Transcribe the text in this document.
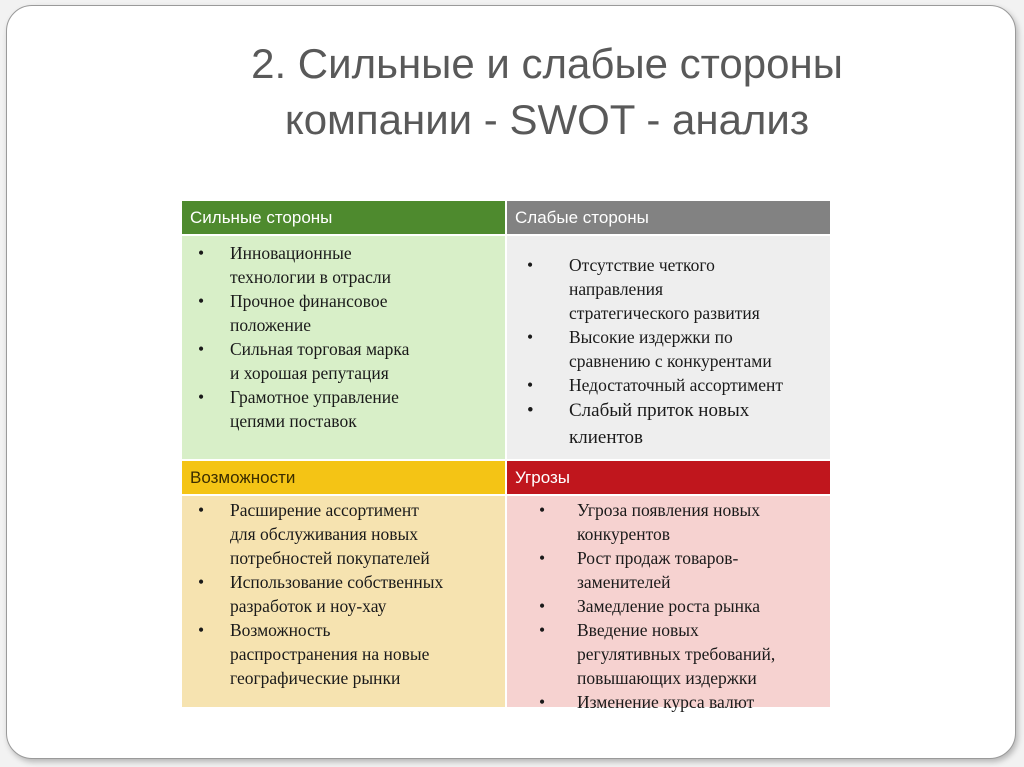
2. Сильные и слабые стороны
компании - SWOT - анализ
Сильные стороны	Слабые стороны
• Инновационные
технологии в отрасли
• Прочное финансовое
положение
• Сильная торговая марка
и хорошая репутация
• Грамотное управление
цепями поставок
• Отсутствие четкого
направления
стратегического развития
• Высокие издержки по
сравнению с конкурентами
• Недостаточный ассортимент
• Слабый приток новых
клиентов
Возможности	Угрозы
• Расширение ассортимент
для обслуживания новых
потребностей покупателей
• Использование собственных
разработок и ноу-хау
• Возможность
распространения на новые
географические рынки
• Угроза появления новых
конкурентов
• Рост продаж товаров-
заменителей
• Замедление роста рынка
• Введение новых
регулятивных требований,
повышающих издержки
• Изменение курса валют
